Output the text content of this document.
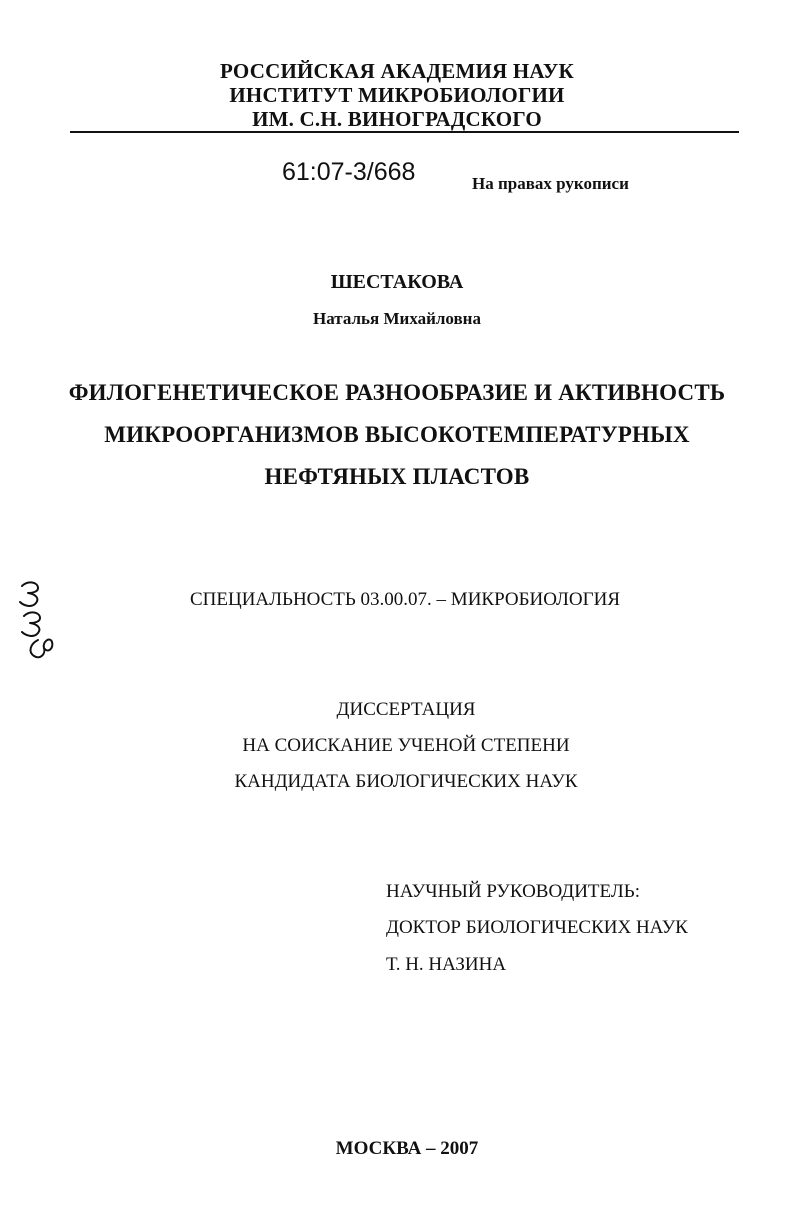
РОССИЙСКАЯ АКАДЕМИЯ НАУК
ИНСТИТУТ МИКРОБИОЛОГИИ
ИМ. С.Н. ВИНОГРАДСКОГО
61:07-3/668	На правах рукописи
ШЕСТАКОВА
Наталья Михайловна
ФИЛОГЕНЕТИЧЕСКОЕ РАЗНООБРАЗИЕ И АКТИВНОСТЬ
МИКРООРГАНИЗМОВ ВЫСОКОТЕМПЕРАТУРНЫХ
НЕФТЯНЫХ ПЛАСТОВ
СПЕЦИАЛЬНОСТЬ 03.00.07. – МИКРОБИОЛОГИЯ
ДИССЕРТАЦИЯ
НА СОИСКАНИЕ УЧЕНОЙ СТЕПЕНИ
КАНДИДАТА БИОЛОГИЧЕСКИХ НАУК
НАУЧНЫЙ РУКОВОДИТЕЛЬ:
ДОКТОР БИОЛОГИЧЕСКИХ НАУК
Т. Н. НАЗИНА
МОСКВА – 2007
